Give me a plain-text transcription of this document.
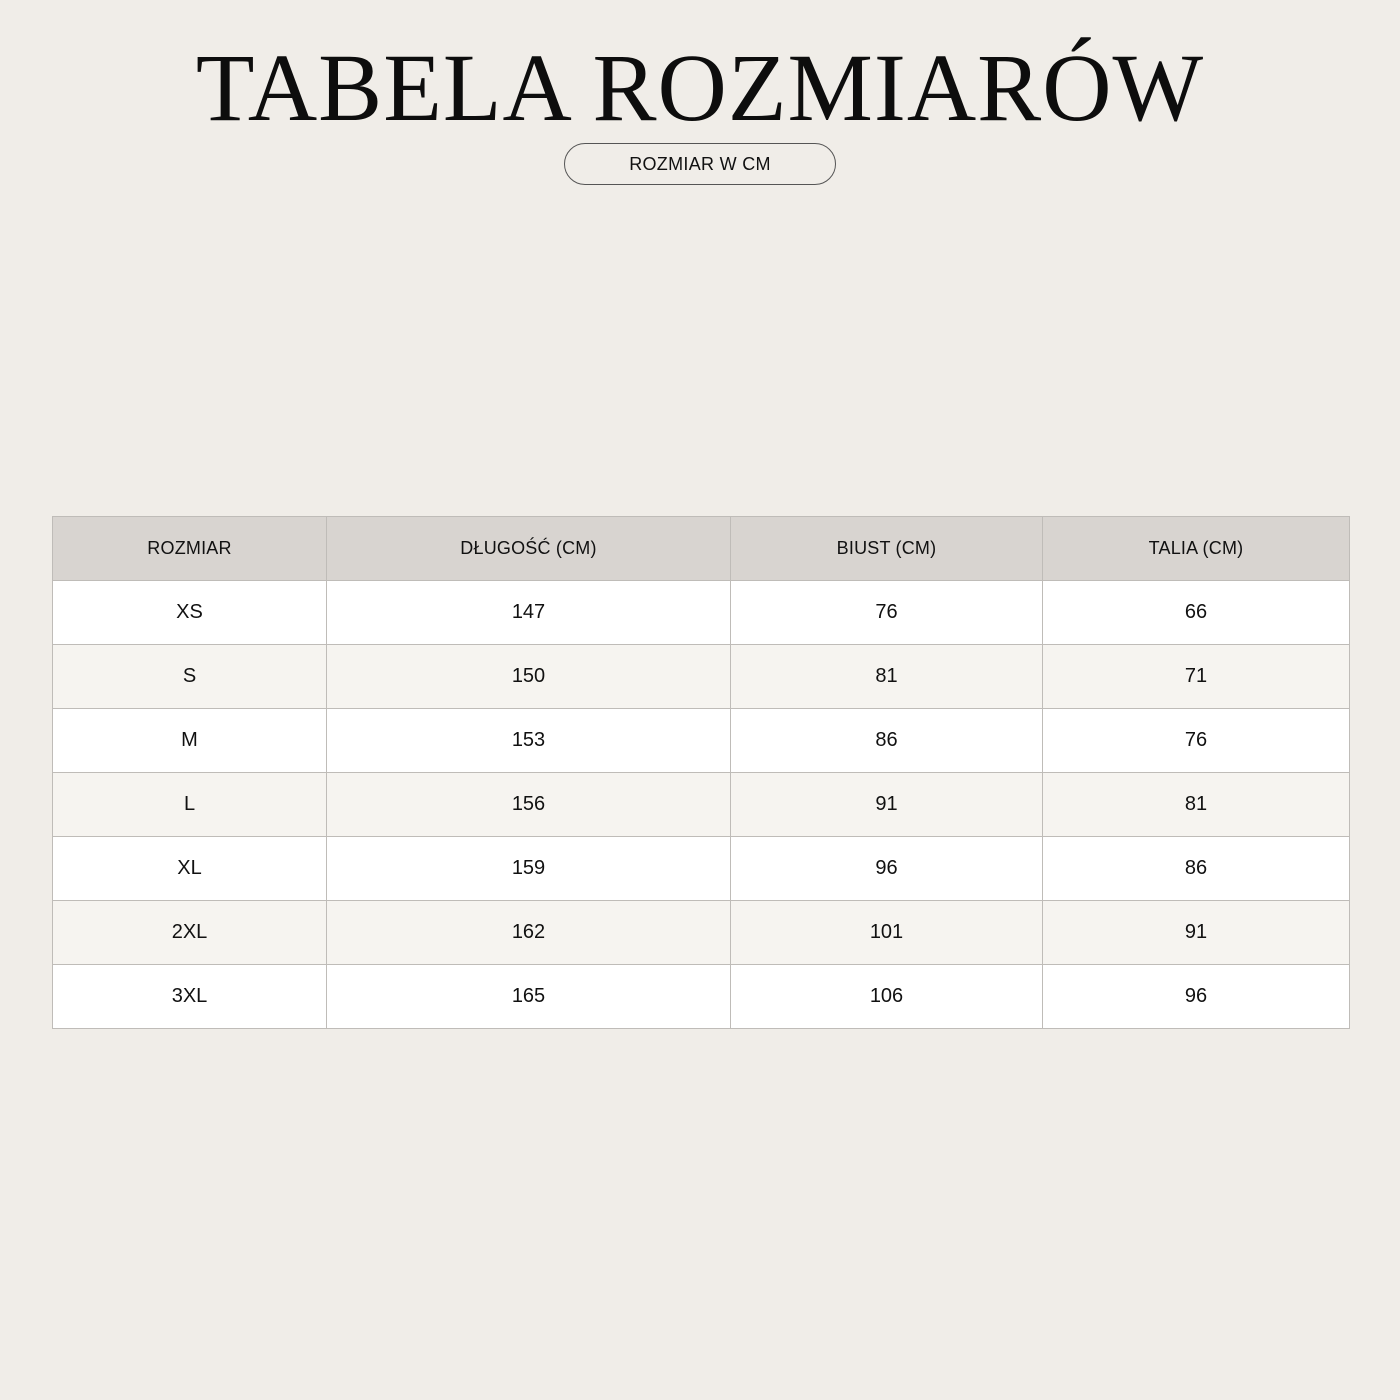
TABELA ROZMIARÓW
ROZMIAR W CM
ROZMIAR	DŁUGOŚĆ (CM)	BIUST (CM)	TALIA (CM)
XS	147	76	66
S	150	81	71
M	153	86	76
L	156	91	81
XL	159	96	86
2XL	162	101	91
3XL	165	106	96
